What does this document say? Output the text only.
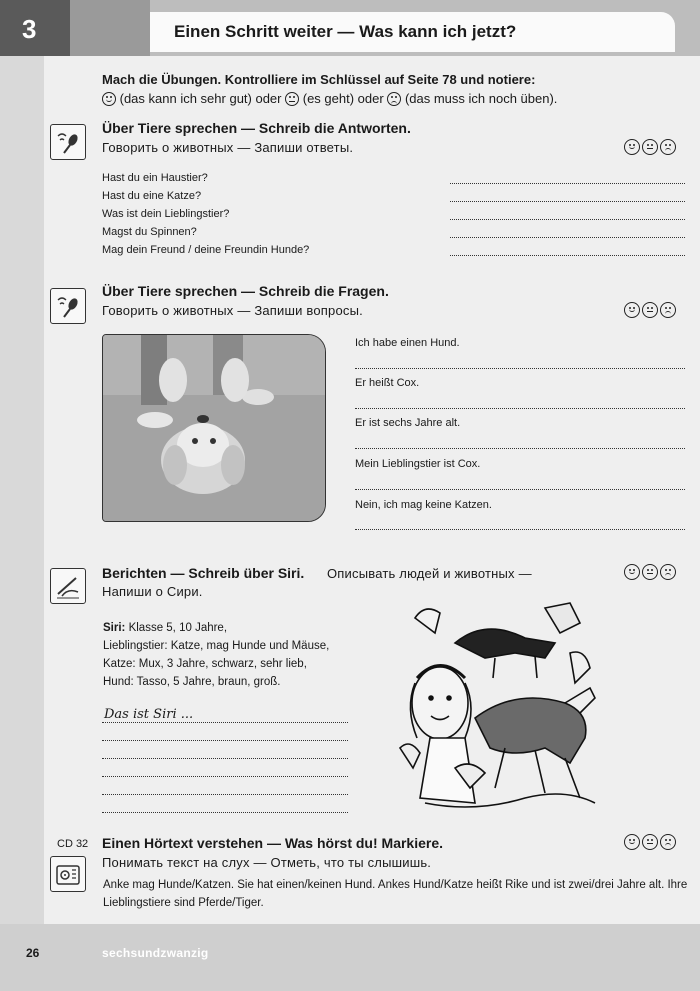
3	Einen Schritt weiter — Was kann ich jetzt?
Mach die Übungen. Kontrolliere im Schlüssel auf Seite 78 und notiere:
(das kann ich sehr gut) oder (es geht) oder (das muss ich noch üben).
Über Tiere sprechen — Schreib die Antworten.
Говорить о животных — Запиши ответы.
Hast du ein Haustier?
Hast du eine Katze?
Was ist dein Lieblingstier?
Magst du Spinnen?
Mag dein Freund / deine Freundin Hunde?
Über Tiere sprechen — Schreib die Fragen.
Говорить о животных — Запиши вопросы.
Ich habe einen Hund.
Er heißt Cox.
Er ist sechs Jahre alt.
Mein Lieblingstier ist Cox.
Nein, ich mag keine Katzen.
Berichten — Schreib über Siri. Описывать людей и животных —
Напиши о Сири.
Siri: Klasse 5, 10 Jahre,
Lieblingstier: Katze, mag Hunde und Mäuse,
Katze: Mux, 3 Jahre, schwarz, sehr lieb,
Hund: Tasso, 5 Jahre, braun, groß.
Das ist Siri ...
CD 32 Einen Hörtext verstehen — Was hörst du! Markiere.
Понимать текст на слух — Отметь, что ты слышишь.
Anke mag Hunde/Katzen. Sie hat einen/keinen Hund. Ankes Hund/Katze heißt Rike und ist zwei/drei Jahre alt. Ihre Lieblingstiere sind Pferde/Tiger.
26	sechsundzwanzig
